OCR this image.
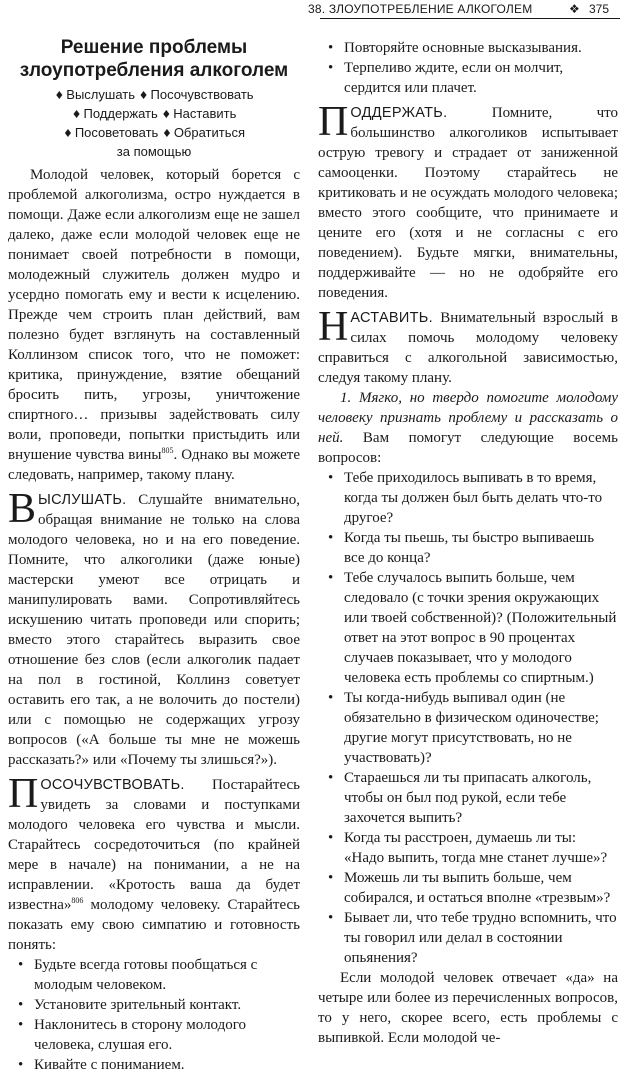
38. ЗЛОУПОТРЕБЛЕНИЕ АЛКОГОЛЕМ	❖ 375
Решение проблемы
злоупотребления алкоголем
♦ Выслушать ♦ Посочувствовать
♦ Поддержать ♦ Наставить
♦ Посоветовать ♦ Обратиться
за помощью

Молодой человек, который борется с проблемой алкоголизма, остро нуждается в помощи. Даже если алкоголизм еще не зашел далеко, даже если молодой человек еще не понимает своей потребности в помощи, молодежный служитель должен мудро и усердно помогать ему и вести к исцелению. Прежде чем строить план действий, вам полезно будет взглянуть на составленный Коллинзом список того, что не поможет: критика, принуждение, взятие обещаний бросить пить, угрозы, уничтожение спиртного… призывы задействовать силу воли, проповеди, попытки пристыдить или внушение чувства вины$^{805}$. Однако вы можете следовать, например, такому плану.

ВЫСЛУШАТЬ. Слушайте внимательно, обращая внимание не только на слова молодого человека, но и на его поведение. Помните, что алкоголики (даже юные) мастерски умеют все отрицать и манипулировать вами. Сопротивляйтесь искушению читать проповеди или спорить; вместо этого старайтесь выразить свое отношение без слов (если алкоголик падает на пол в гостиной, Коллинз советует оставить его так, а не волочить до постели) или с помощью не содержащих угрозу вопросов («А больше ты мне не можешь рассказать?» или «Почему ты злишься?»).

ПОСОЧУВСТВОВАТЬ. Постарайтесь увидеть за словами и поступками молодого человека его чувства и мысли. Старайтесь сосредоточиться (по крайней мере в начале) на понимании, а не на исправлении. «Кротость ваша да будет известна»$^{806}$ молодому человеку. Старайтесь показать ему свою симпатию и готовность понять:

• Будьте всегда готовы пообщаться с молодым человеком.
• Установите зрительный контакт.
• Наклонитесь в сторону молодого человека, слушая его.
• Кивайте с пониманием.
• Повторяйте основные высказывания.
• Терпеливо ждите, если он молчит, сердится или плачет.

ПОДДЕРЖАТЬ. Помните, что большинство алкоголиков испытывает острую тревогу и страдает от заниженной самооценки. Поэтому старайтесь не критиковать и не осуждать молодого человека; вместо этого сообщите, что принимаете и цените его (хотя и не согласны с его поведением). Будьте мягки, внимательны, поддерживайте — но не одобряйте его поведения.

НАСТАВИТЬ. Внимательный взрослый в силах помочь молодому человеку справиться с алкогольной зависимостью, следуя такому плану.

1. Мягко, но твердо помогите молодому человеку признать проблему и рассказать о ней. Вам помогут следующие восемь вопросов:

• Тебе приходилось выпивать в то время, когда ты должен был быть делать что-то другое?
• Когда ты пьешь, ты быстро выпиваешь все до конца?
• Тебе случалось выпить больше, чем следовало (с точки зрения окружающих или твоей собственной)? (Положительный ответ на этот вопрос в 90 процентах случаев показывает, что у молодого человека есть проблемы со спиртным.)
• Ты когда-нибудь выпивал один (не обязательно в физическом одиночестве; другие могут присутствовать, но не участвовать)?
• Стараешься ли ты припасать алкоголь, чтобы он был под рукой, если тебе захочется выпить?
• Когда ты расстроен, думаешь ли ты: «Надо выпить, тогда мне станет лучше»?
• Можешь ли ты выпить больше, чем собирался, и остаться вполне «трезвым»?
• Бывает ли, что тебе трудно вспомнить, что ты говорил или делал в состоянии опьянения?

Если молодой человек отвечает «да» на четыре или более из перечисленных вопросов, то у него, скорее всего, есть проблемы с выпивкой. Если молодой че-
